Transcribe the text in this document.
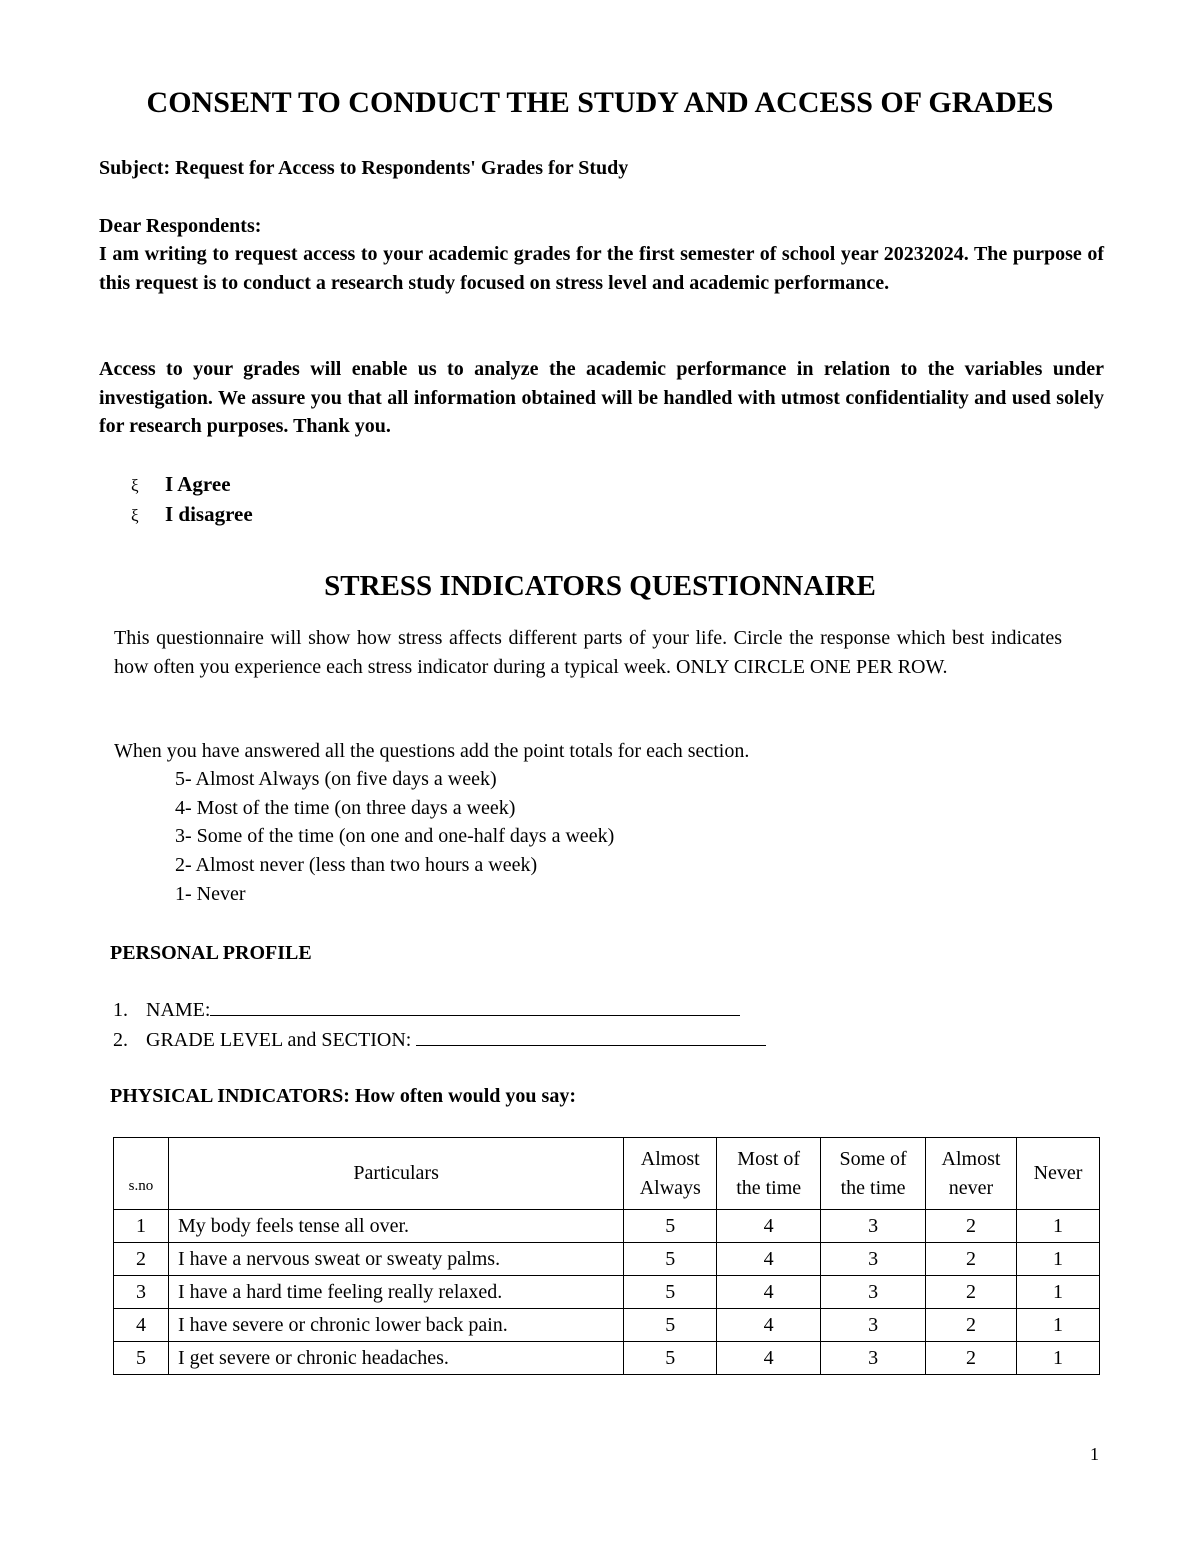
CONSENT TO CONDUCT THE STUDY AND ACCESS OF GRADES
Subject: Request for Access to Respondents' Grades for Study
Dear Respondents:
I am writing to request access to your academic grades for the first semester of school year 20232024. The purpose of this request is to conduct a research study focused on stress level and academic performance.
Access to your grades will enable us to analyze the academic performance in relation to the variables under investigation. We assure you that all information obtained will be handled with utmost confidentiality and used solely for research purposes. Thank you.
ξ I Agree
ξ I disagree
STRESS INDICATORS QUESTIONNAIRE
This questionnaire will show how stress affects different parts of your life. Circle the response which best indicates how often you experience each stress indicator during a typical week. ONLY CIRCLE ONE PER ROW.
When you have answered all the questions add the point totals for each section.
5- Almost Always (on five days a week)
4- Most of the time (on three days a week)
3- Some of the time (on one and one-half days a week)
2- Almost never (less than two hours a week)
1- Never
PERSONAL PROFILE
1. NAME:
2. GRADE LEVEL and SECTION:
PHYSICAL INDICATORS: How often would you say:
s.no	Particulars	Almost Always	Most of the time	Some of the time	Almost never	Never
1	My body feels tense all over.	5	4	3	2	1
2	I have a nervous sweat or sweaty palms.	5	4	3	2	1
3	I have a hard time feeling really relaxed.	5	4	3	2	1
4	I have severe or chronic lower back pain.	5	4	3	2	1
5	I get severe or chronic headaches.	5	4	3	2	1
1
